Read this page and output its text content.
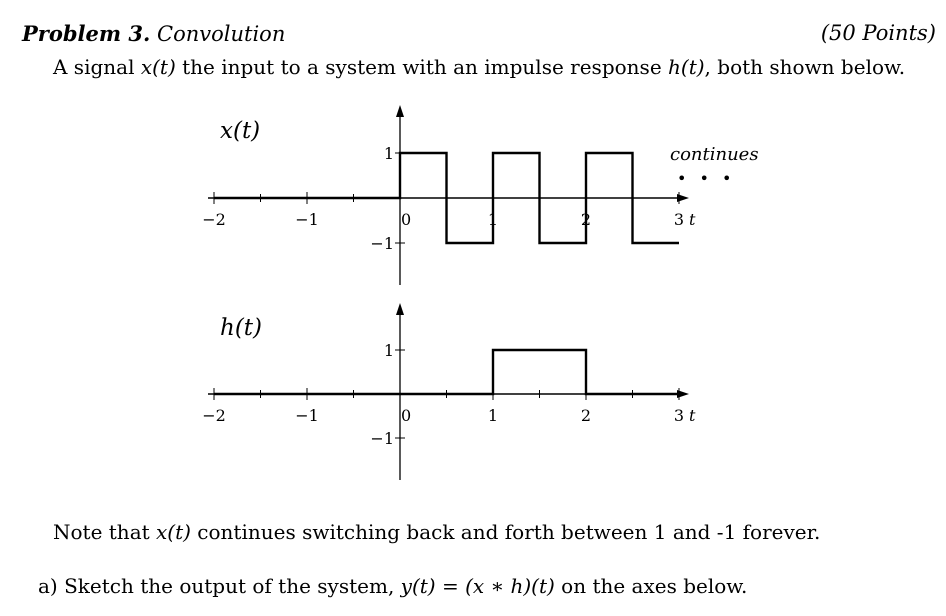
Problem 3. Convolution	(50 Points)
A signal x(t) the input to a system with an impulse response h(t), both shown below.
−2	−1	0	1	2	3 t
1
−1
x(t)
continues
• • •
−2	−1	0	1	2	3 t
1
−1
h(t)
Note that x(t) continues switching back and forth between 1 and -1 forever.
a) Sketch the output of the system, y(t) = (x ∗ h)(t) on the axes below.
